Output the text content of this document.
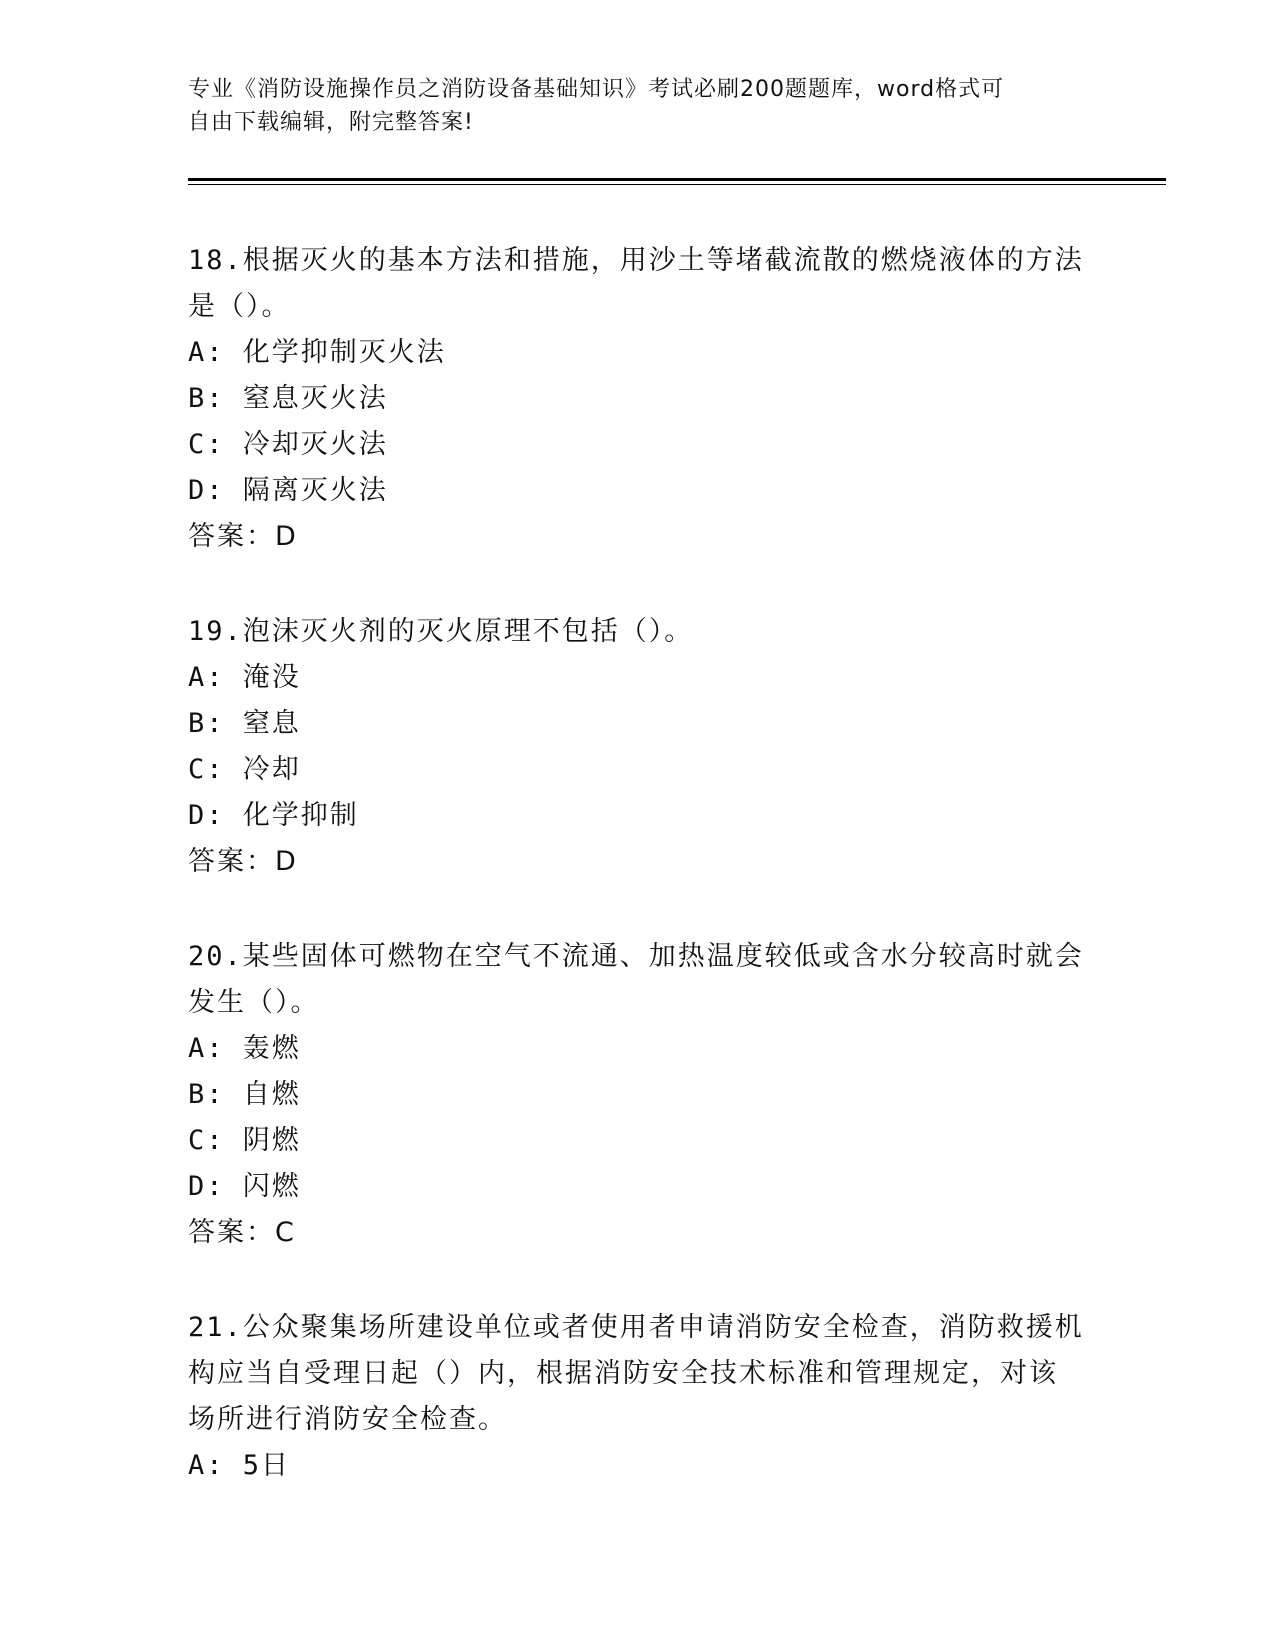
专业《消防设施操作员之消防设备基础知识》考试必刷200题题库，word格式可
自由下载编辑，附完整答案!
18.根据灭火的基本方法和措施，用沙土等堵截流散的燃烧液体的方法
是（）。
A: 化学抑制灭火法
B: 窒息灭火法
C: 冷却灭火法
D: 隔离灭火法
答案：D
19.泡沫灭火剂的灭火原理不包括（）。
A: 淹没
B: 窒息
C: 冷却
D: 化学抑制
答案：D
20.某些固体可燃物在空气不流通、加热温度较低或含水分较高时就会
发生（）。
A: 轰燃
B: 自燃
C: 阴燃
D: 闪燃
答案：C
21.公众聚集场所建设单位或者使用者申请消防安全检查，消防救援机
构应当自受理日起（）内，根据消防安全技术标准和管理规定，对该
场所进行消防安全检查。
A: 5日
